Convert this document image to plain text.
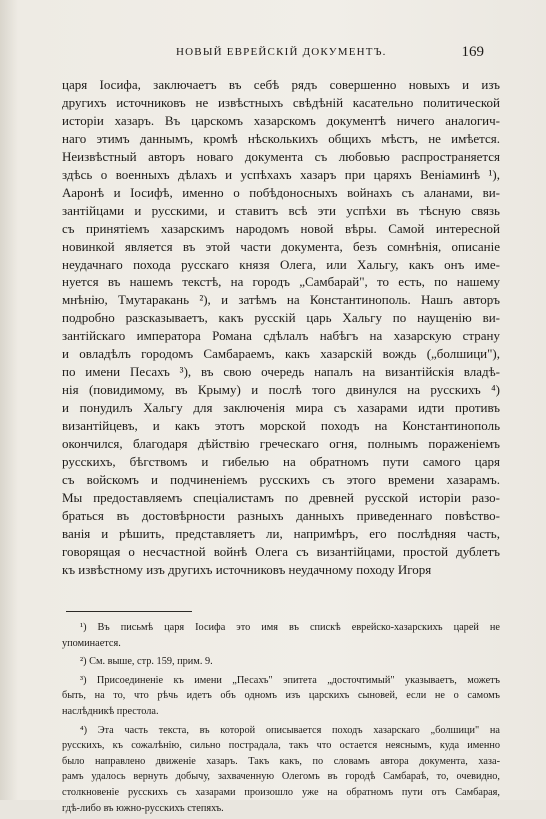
НОВЫЙ ЕВРЕЙСКІЙ ДОКУМЕНТЪ.	169
царя Іосифа, заключаетъ въ себѣ рядъ совершенно новыхъ и изъ
другихъ источниковъ не извѣстныхъ свѣдѣній касательно политической
исторіи хазаръ. Въ царскомъ хазарскомъ документѣ ничего аналогич-
наго этимъ даннымъ, кромѣ нѣсколькихъ общихъ мѣстъ, не имѣется.
Неизвѣстный авторъ новаго документа съ любовью распространяется
здѣсь о военныхъ дѣлахъ и успѣхахъ хазаръ при царяхъ Веніаминѣ ¹),
Ааронѣ и Іосифѣ, именно о побѣдоносныхъ войнахъ съ аланами, ви-
зантійцами и русскими, и ставитъ всѣ эти успѣхи въ тѣсную связь
съ принятіемъ хазарскимъ народомъ новой вѣры. Самой интересной
новинкой является въ этой части документа, безъ сомнѣнія, описаніе
неудачнаго похода русскаго князя Олега, или Хальгу, какъ онъ име-
нуется въ нашемъ текстѣ, на городъ „Самбарай", то есть, по нашему
мнѣнію, Тмутаракань ²), и затѣмъ на Константинополь. Нашъ авторъ
подробно разсказываетъ, какъ русскій царь Хальгу по наущенію ви-
зантійскаго императора Романа сдѣлалъ набѣгъ на хазарскую страну
и овладѣлъ городомъ Самбараемъ, какъ хазарскій вождь („болшици"),
по имени Песахъ ³), въ свою очередь напалъ на византійскія владѣ-
нія (повидимому, въ Крыму) и послѣ того двинулся на русскихъ ⁴)
и понудилъ Хальгу для заключенія мира съ хазарами идти противъ
византійцевъ, и какъ этотъ морской походъ на Константинополь
окончился, благодаря дѣйствію греческаго огня, полнымъ пораженіемъ
русскихъ, бѣгствомъ и гибелью на обратномъ пути самого царя
съ войскомъ и подчиненіемъ русскихъ съ этого времени хазарамъ.
Мы предоставляемъ спеціалистамъ по древней русской исторіи разо-
браться въ достовѣрности разныхъ данныхъ приведеннаго повѣство-
ванія и рѣшить, представляетъ ли, напримѣръ, его послѣдняя часть,
говорящая о несчастной войнѣ Олега съ византійцами, простой дублетъ
къ извѣстному изъ другихъ источниковъ неудачному походу Игоря
¹) Въ письмѣ царя Іосифа это имя въ спискѣ еврейско-хазарскихъ царей не
упоминается.
²) См. выше, стр. 159, прим. 9.
³) Присоединеніе къ имени „Песахъ" эпитета „досточтимый" указываетъ, можетъ
быть, на то, что рѣчь идетъ объ одномъ изъ царскихъ сыновей, если не о самомъ
наслѣдникѣ престола.
⁴) Эта часть текста, въ которой описывается походъ хазарскаго „болшици" на
русскихъ, къ сожалѣнію, сильно пострадала, такъ что остается неяснымъ, куда именно
было направлено движеніе хазаръ. Такъ какъ, по словамъ автора документа, хаза-
рамъ удалось вернуть добычу, захваченную Олегомъ въ городѣ Самбараѣ, то, очевидно,
столкновеніе русскихъ съ хазарами произошло уже на обратномъ пути отъ Самбарая,
гдѣ-либо въ южно-русскихъ степяхъ.
